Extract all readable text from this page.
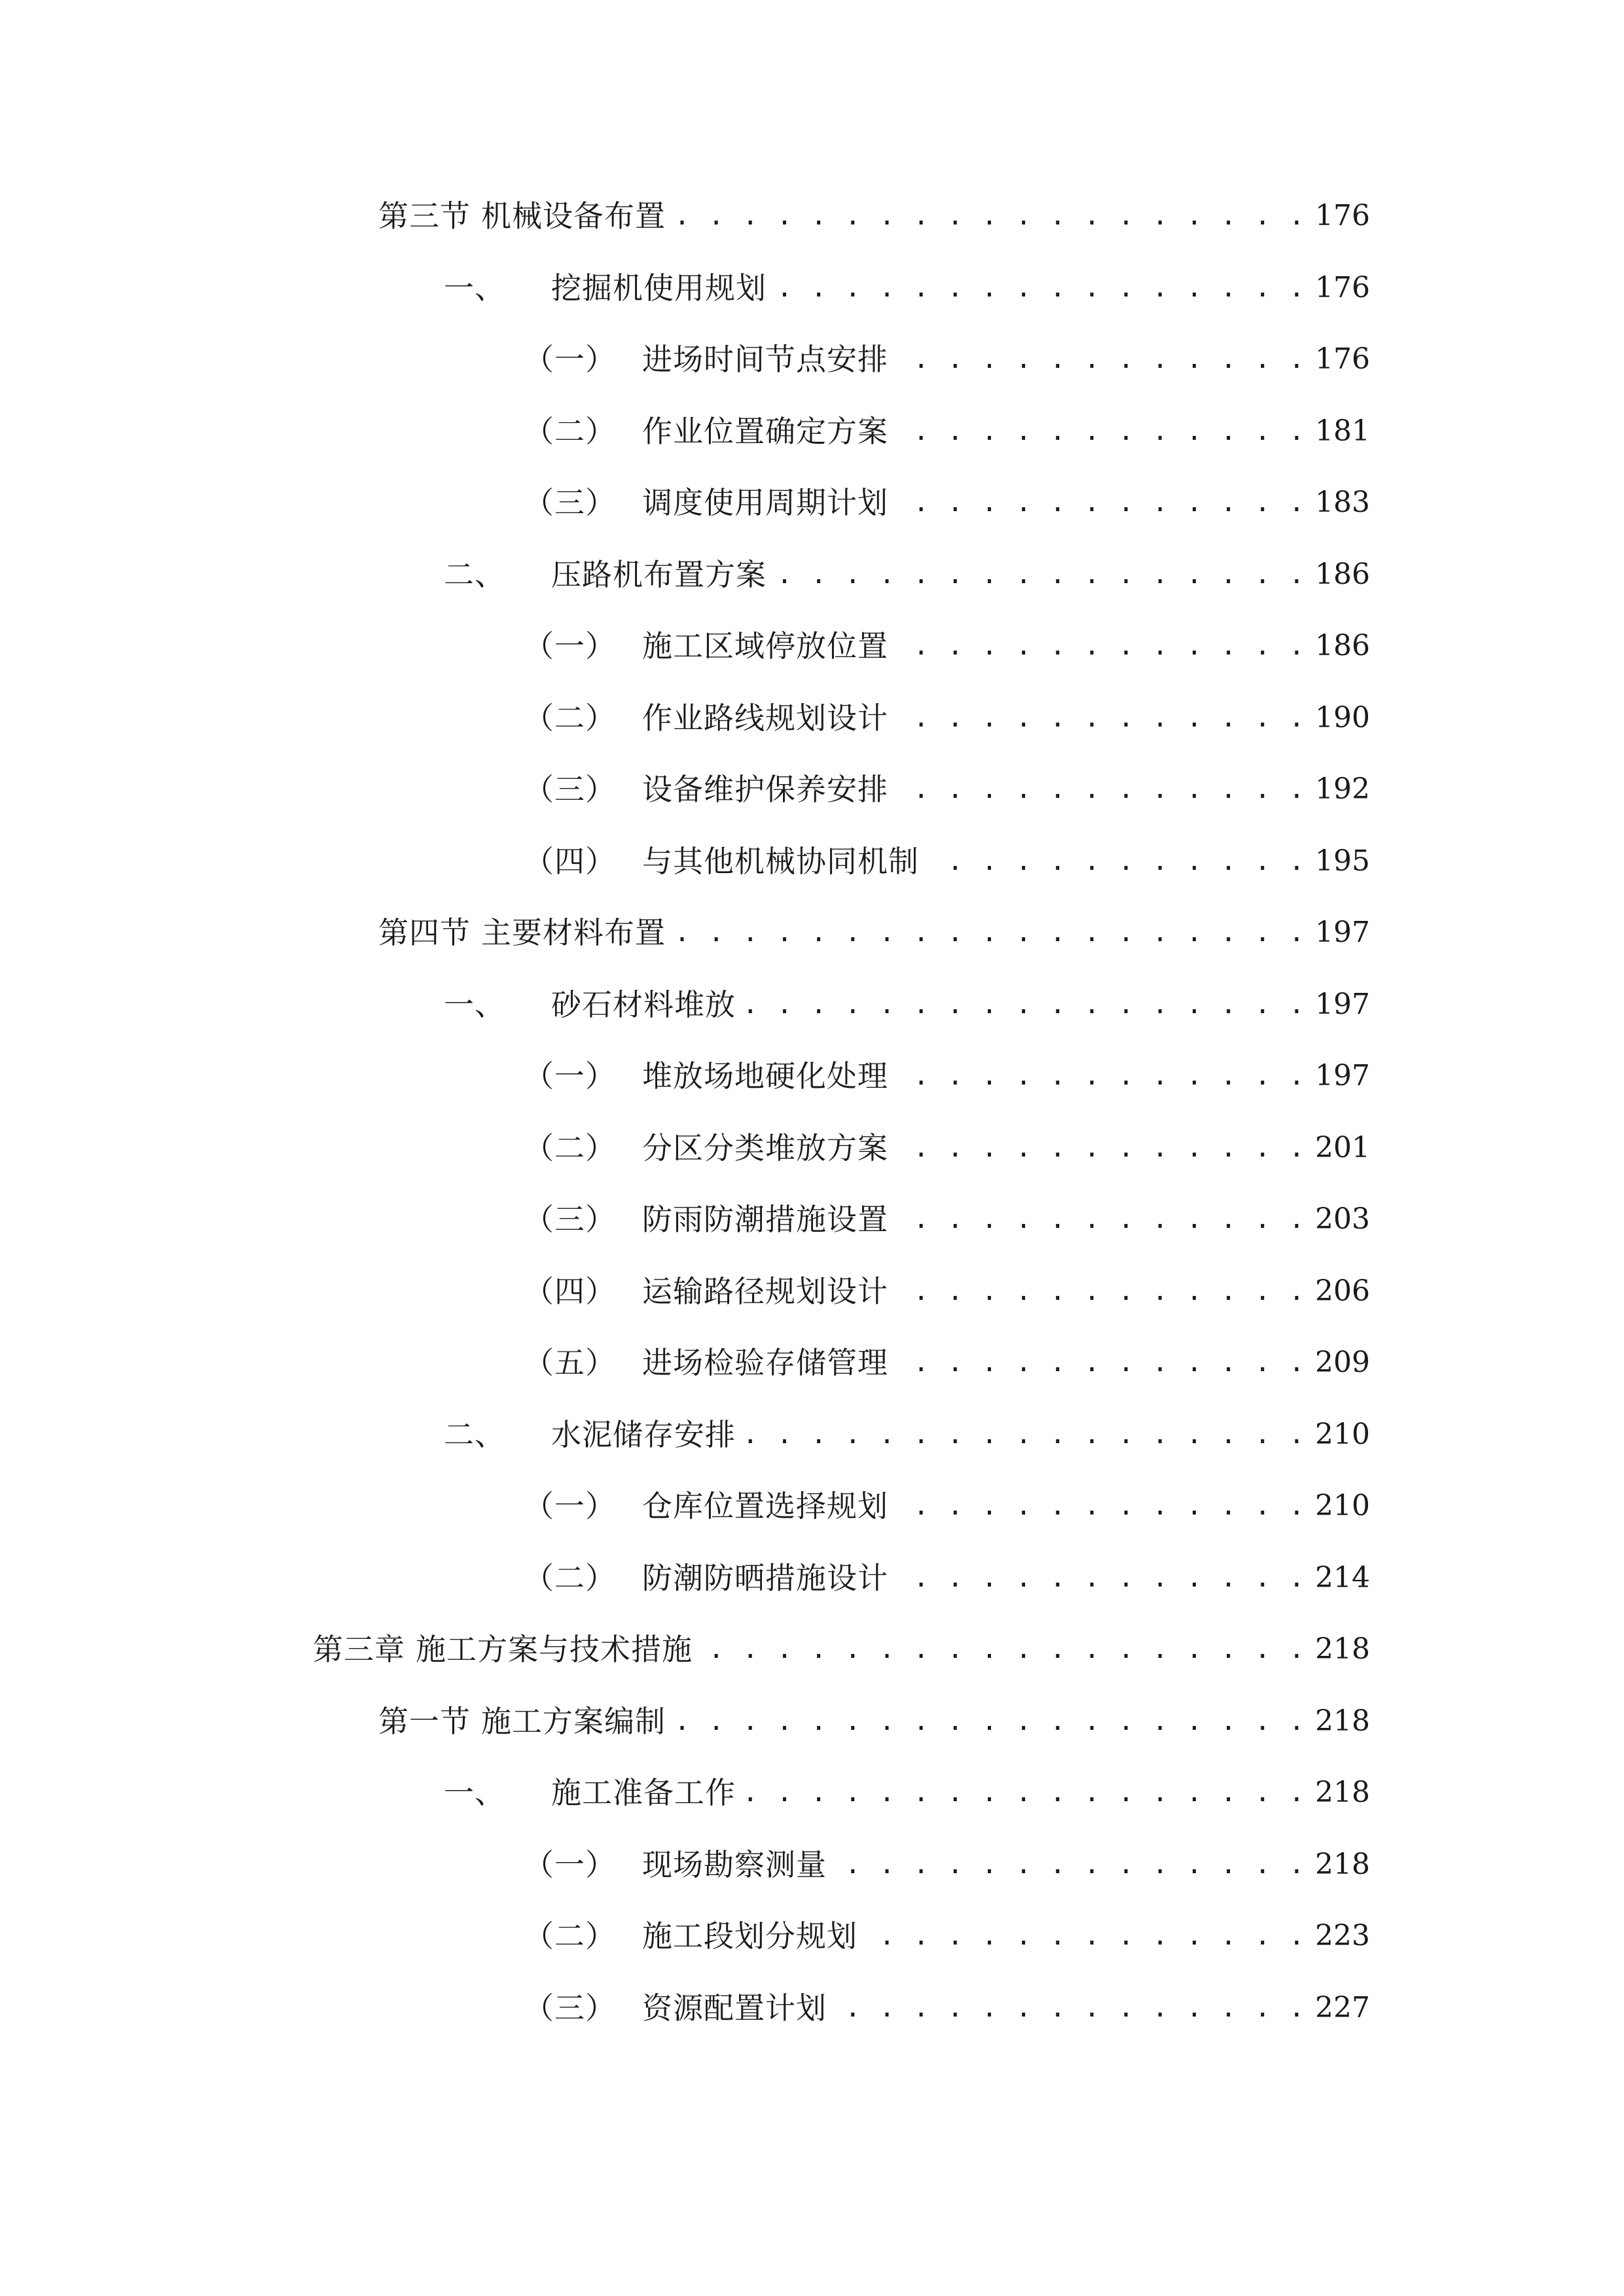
第三节 机械设备布置 . . .	176
一、 挖掘机使用规划 . . .	176
（一） 进场时间节点安排 . . .	176
（二） 作业位置确定方案 . . .	181
（三） 调度使用周期计划 . . .	183
二、 压路机布置方案 . . .	186
（一） 施工区域停放位置 . . .	186
（二） 作业路线规划设计 . . .	190
（三） 设备维护保养安排 . . .	192
（四） 与其他机械协同机制 . . .	195
第四节 主要材料布置 . . .	197
一、 砂石材料堆放 . . .	197
（一） 堆放场地硬化处理 . . .	197
（二） 分区分类堆放方案 . . .	201
（三） 防雨防潮措施设置 . . .	203
（四） 运输路径规划设计 . . .	206
（五） 进场检验存储管理 . . .	209
二、 水泥储存安排 . . .	210
（一） 仓库位置选择规划 . . .	210
（二） 防潮防晒措施设计 . . .	214
第三章 施工方案与技术措施 . . .	218
第一节 施工方案编制 . . .	218
一、 施工准备工作 . . .	218
（一） 现场勘察测量 . . .	218
（二） 施工段划分规划 . . .	223
（三） 资源配置计划 . . .	227
